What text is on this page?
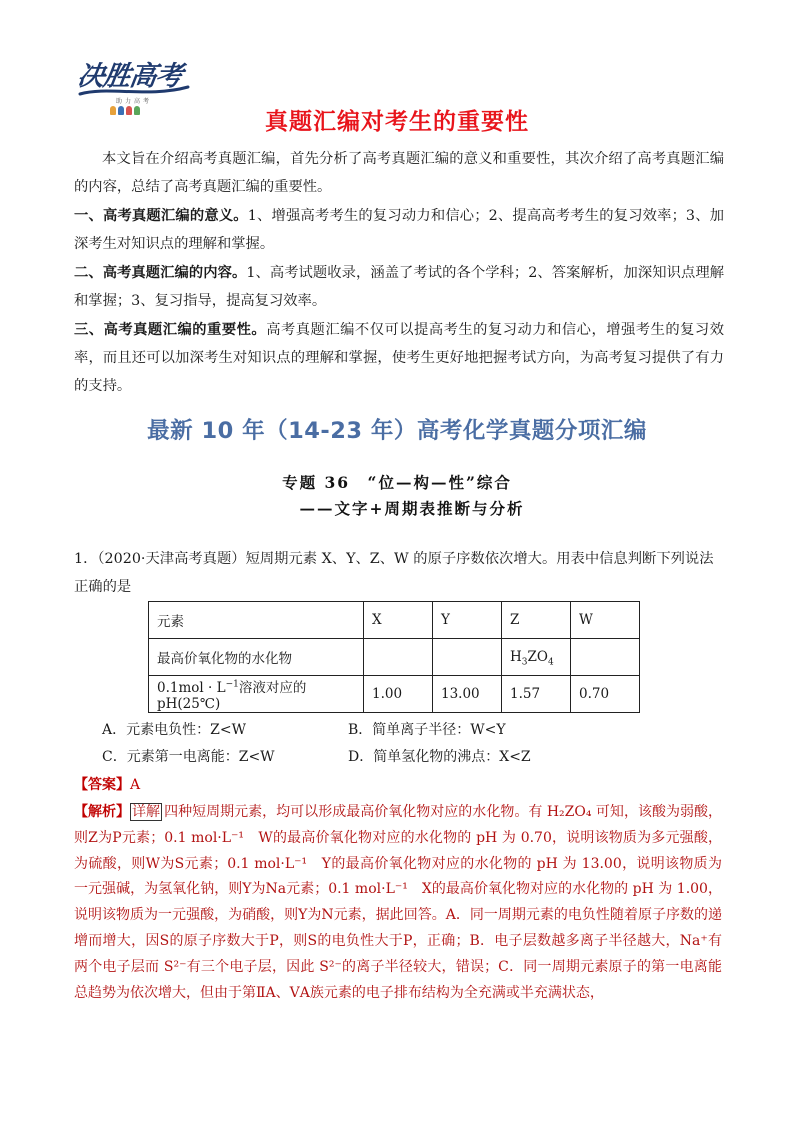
决胜高考
助力高考
真题汇编对考生的重要性
本文旨在介绍高考真题汇编，首先分析了高考真题汇编的意义和重要性，其次介绍了高考真题汇编的内容，总结了高考真题汇编的重要性。
一、高考真题汇编的意义。1、增强高考考生的复习动力和信心；2、提高高考考生的复习效率；3、加深考生对知识点的理解和掌握。
二、高考真题汇编的内容。1、高考试题收录，涵盖了考试的各个学科；2、答案解析，加深知识点理解和掌握；3、复习指导，提高复习效率。
三、高考真题汇编的重要性。高考真题汇编不仅可以提高考生的复习动力和信心，增强考生的复习效率，而且还可以加深考生对知识点的理解和掌握，使考生更好地把握考试方向，为高考复习提供了有力的支持。
最新 10 年（14-23 年）高考化学真题分项汇编
专题 36　“位—构—性”综合
——文字+周期表推断与分析
1．（2020·天津高考真题）短周期元素 X、Y、Z、W 的原子序数依次增大。用表中信息判断下列说法正确的是
元素	X	Y	Z	W
最高价氧化物的水化物			$H_3ZO_4$	
$0.1mol \cdot L^{-1}$溶液对应的 pH(25℃)	1.00	13.00	1.57	0.70
A．元素电负性：Z<W	B．简单离子半径：W<Y
C．元素第一电离能：Z<W	D．简单氢化物的沸点：X<Z
【答案】A
【解析】 详解 四种短周期元素，均可以形成最高价氧化物对应的水化物。有 H₂ZO₄ 可知，该酸为弱酸，则Z为P元素；0.1 mol·L⁻¹　W的最高价氧化物对应的水化物的 pH 为 0.70，说明该物质为多元强酸，为硫酸，则W为S元素；0.1 mol·L⁻¹　Y的最高价氧化物对应的水化物的 pH 为 13.00，说明该物质为一元强碱，为氢氧化钠，则Y为Na元素；0.1 mol·L⁻¹　X的最高价氧化物对应的水化物的 pH 为 1.00，说明该物质为一元强酸，为硝酸，则Y为N元素，据此回答。A．同一周期元素的电负性随着原子序数的递增而增大，因S的原子序数大于P，则S的电负性大于P，正确；B．电子层数越多离子半径越大，Na⁺有两个电子层而 S²⁻有三个电子层，因此 S²⁻的离子半径较大，错误；C．同一周期元素原子的第一电离能总趋势为依次增大，但由于第ⅡA、ⅤA族元素的电子排布结构为全充满或半充满状态，
